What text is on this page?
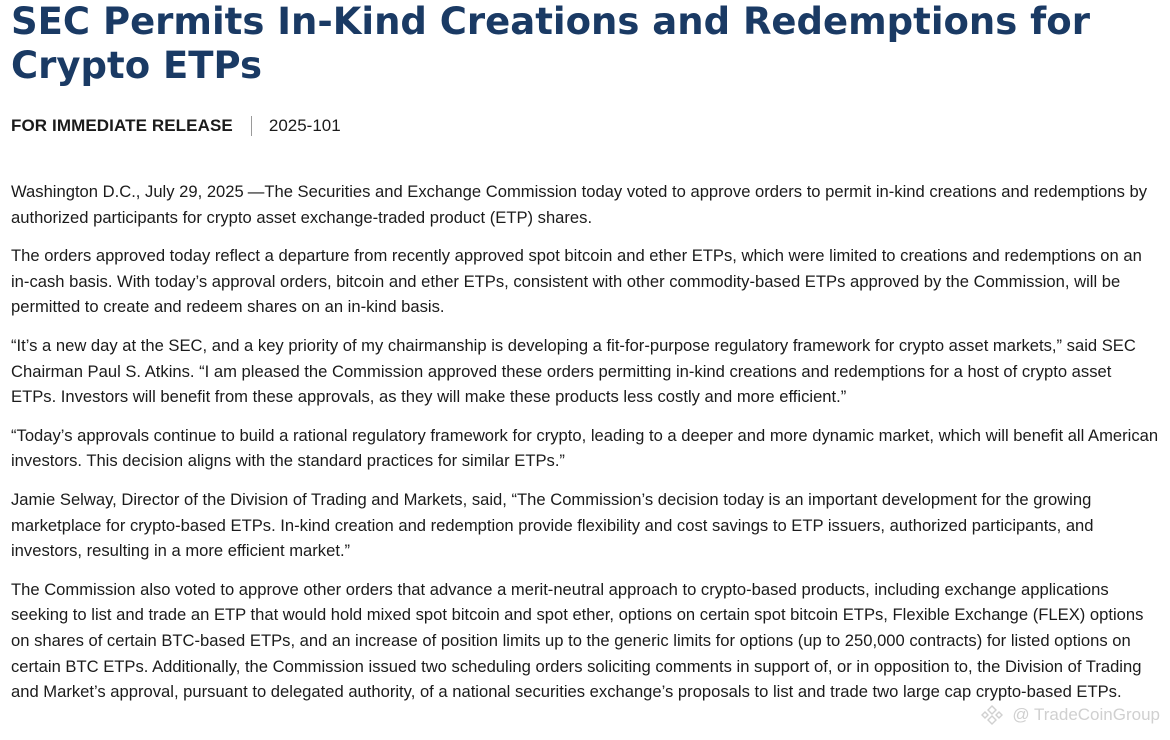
SEC Permits In-Kind Creations and Redemptions for Crypto ETPs
FOR IMMEDIATE RELEASE 2025-101

Washington D.C., July 29, 2025 —The Securities and Exchange Commission today voted to approve orders to permit in-kind creations and redemptions by authorized participants for crypto asset exchange-traded product (ETP) shares.

The orders approved today reflect a departure from recently approved spot bitcoin and ether ETPs, which were limited to creations and redemptions on an in-cash basis. With today’s approval orders, bitcoin and ether ETPs, consistent with other commodity-based ETPs approved by the Commission, will be permitted to create and redeem shares on an in-kind basis.

“It’s a new day at the SEC, and a key priority of my chairmanship is developing a fit-for-purpose regulatory framework for crypto asset markets,” said SEC Chairman Paul S. Atkins. “I am pleased the Commission approved these orders permitting in-kind creations and redemptions for a host of crypto asset ETPs. Investors will benefit from these approvals, as they will make these products less costly and more efficient.”

“Today’s approvals continue to build a rational regulatory framework for crypto, leading to a deeper and more dynamic market, which will benefit all American investors. This decision aligns with the standard practices for similar ETPs.”

Jamie Selway, Director of the Division of Trading and Markets, said, “The Commission’s decision today is an important development for the growing marketplace for crypto-based ETPs. In-kind creation and redemption provide flexibility and cost savings to ETP issuers, authorized participants, and investors, resulting in a more efficient market.”

The Commission also voted to approve other orders that advance a merit-neutral approach to crypto-based products, including exchange applications seeking to list and trade an ETP that would hold mixed spot bitcoin and spot ether, options on certain spot bitcoin ETPs, Flexible Exchange (FLEX) options on shares of certain BTC-based ETPs, and an increase of position limits up to the generic limits for options (up to 250,000 contracts) for listed options on certain BTC ETPs. Additionally, the Commission issued two scheduling orders soliciting comments in support of, or in opposition to, the Division of Trading and Market’s approval, pursuant to delegated authority, of a national securities exchange’s proposals to list and trade two large cap crypto-based ETPs.

@ TradeCoinGroup
